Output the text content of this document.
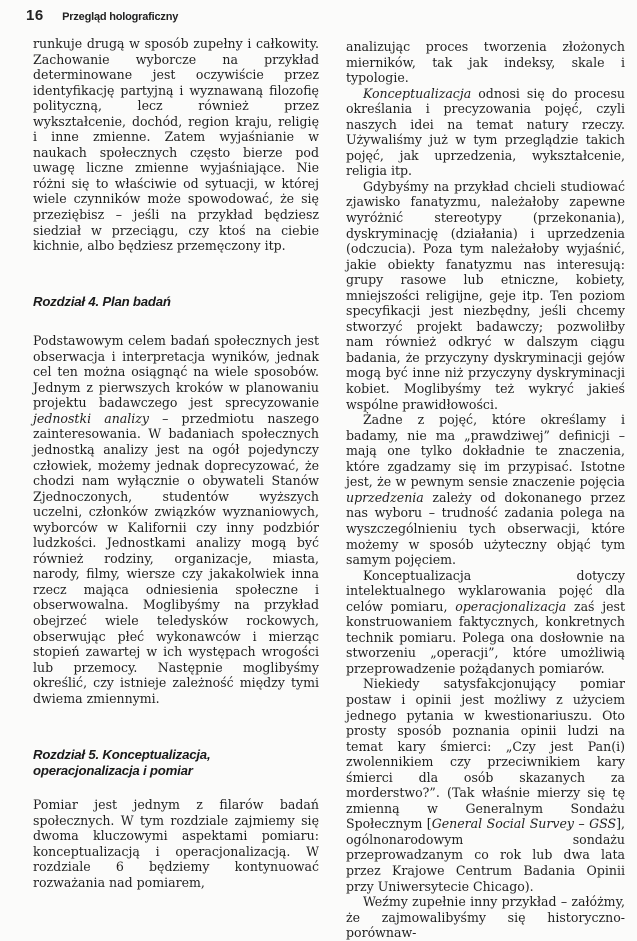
16 Przegląd holograficzny

runkuje drugą w sposób zupełny i całkowity. Zachowanie wyborcze na przykład determinowane jest oczywiście przez identyfikację partyjną i wyznawaną filozofię polityczną, lecz również przez wykształcenie, dochód, region kraju, religię i inne zmienne. Zatem wyjaśnianie w naukach społecznych często bierze pod uwagę liczne zmienne wyjaśniające. Nie różni się to właściwie od sytuacji, w której wiele czynników może spowodować, że się przeziębisz – jeśli na przykład będziesz siedział w przeciągu, czy ktoś na ciebie kichnie, albo będziesz przemęczony itp.

Rozdział 4. Plan badań

Podstawowym celem badań społecznych jest obserwacja i interpretacja wyników, jednak cel ten można osiągnąć na wiele sposobów. Jednym z pierwszych kroków w planowaniu projektu badawczego jest sprecyzowanie jednostki analizy – przedmiotu naszego zainteresowania. W badaniach społecznych jednostką analizy jest na ogół pojedynczy człowiek, możemy jednak doprecyzować, że chodzi nam wyłącznie o obywateli Stanów Zjednoczonych, studentów wyższych uczelni, członków związków wyznaniowych, wyborców w Kalifornii czy inny podzbiór ludzkości. Jednostkami analizy mogą być również rodziny, organizacje, miasta, narody, filmy, wiersze czy jakakolwiek inna rzecz mająca odniesienia społeczne i obserwowalna. Moglibyśmy na przykład obejrzeć wiele teledysków rockowych, obserwując płeć wykonawców i mierząc stopień zawartej w ich występach wrogości lub przemocy. Następnie moglibyśmy określić, czy istnieje zależność między tymi dwiema zmiennymi.

Rozdział 5. Konceptualizacja,
operacjonalizacja i pomiar

Pomiar jest jednym z filarów badań społecznych. W tym rozdziale zajmiemy się dwoma kluczowymi aspektami pomiaru: konceptualizacją i operacjonalizacją. W rozdziale 6 będziemy kontynuować rozważania nad pomiarem,

analizując proces tworzenia złożonych mierników, tak jak indeksy, skale i typologie.

Konceptualizacja odnosi się do procesu określania i precyzowania pojęć, czyli naszych idei na temat natury rzeczy. Używaliśmy już w tym przeglądzie takich pojęć, jak uprzedzenia, wykształcenie, religia itp.

Gdybyśmy na przykład chcieli studiować zjawisko fanatyzmu, należałoby zapewne wyróżnić stereotypy (przekonania), dyskryminację (działania) i uprzedzenia (odczucia). Poza tym należałoby wyjaśnić, jakie obiekty fanatyzmu nas interesują: grupy rasowe lub etniczne, kobiety, mniejszości religijne, geje itp. Ten poziom specyfikacji jest niezbędny, jeśli chcemy stworzyć projekt badawczy; pozwoliłby nam również odkryć w dalszym ciągu badania, że przyczyny dyskryminacji gejów mogą być inne niż przyczyny dyskryminacji kobiet. Moglibyśmy też wykryć jakieś wspólne prawidłowości.

Żadne z pojęć, które określamy i badamy, nie ma „prawdziwej” definicji – mają one tylko dokładnie te znaczenia, które zgadzamy się im przypisać. Istotne jest, że w pewnym sensie znaczenie pojęcia uprzedzenia zależy od dokonanego przez nas wyboru – trudność zadania polega na wyszczególnieniu tych obserwacji, które możemy w sposób użyteczny objąć tym samym pojęciem.

Konceptualizacja dotyczy intelektualnego wyklarowania pojęć dla celów pomiaru, operacjonalizacja zaś jest konstruowaniem faktycznych, konkretnych technik pomiaru. Polega ona dosłownie na stworzeniu „operacji”, które umożliwią przeprowadzenie pożądanych pomiarów.

Niekiedy satysfakcjonujący pomiar postaw i opinii jest możliwy z użyciem jednego pytania w kwestionariuszu. Oto prosty sposób poznania opinii ludzi na temat kary śmierci: „Czy jest Pan(i) zwolennikiem czy przeciwnikiem kary śmierci dla osób skazanych za morderstwo?”. (Tak właśnie mierzy się tę zmienną w Generalnym Sondażu Społecznym [General Social Survey – GSS], ogólnonarodowym sondażu przeprowadzanym co rok lub dwa lata przez Krajowe Centrum Badania Opinii przy Uniwersytecie Chicago).

Weźmy zupełnie inny przykład – załóżmy, że zajmowalibyśmy się historyczno-porównaw-
